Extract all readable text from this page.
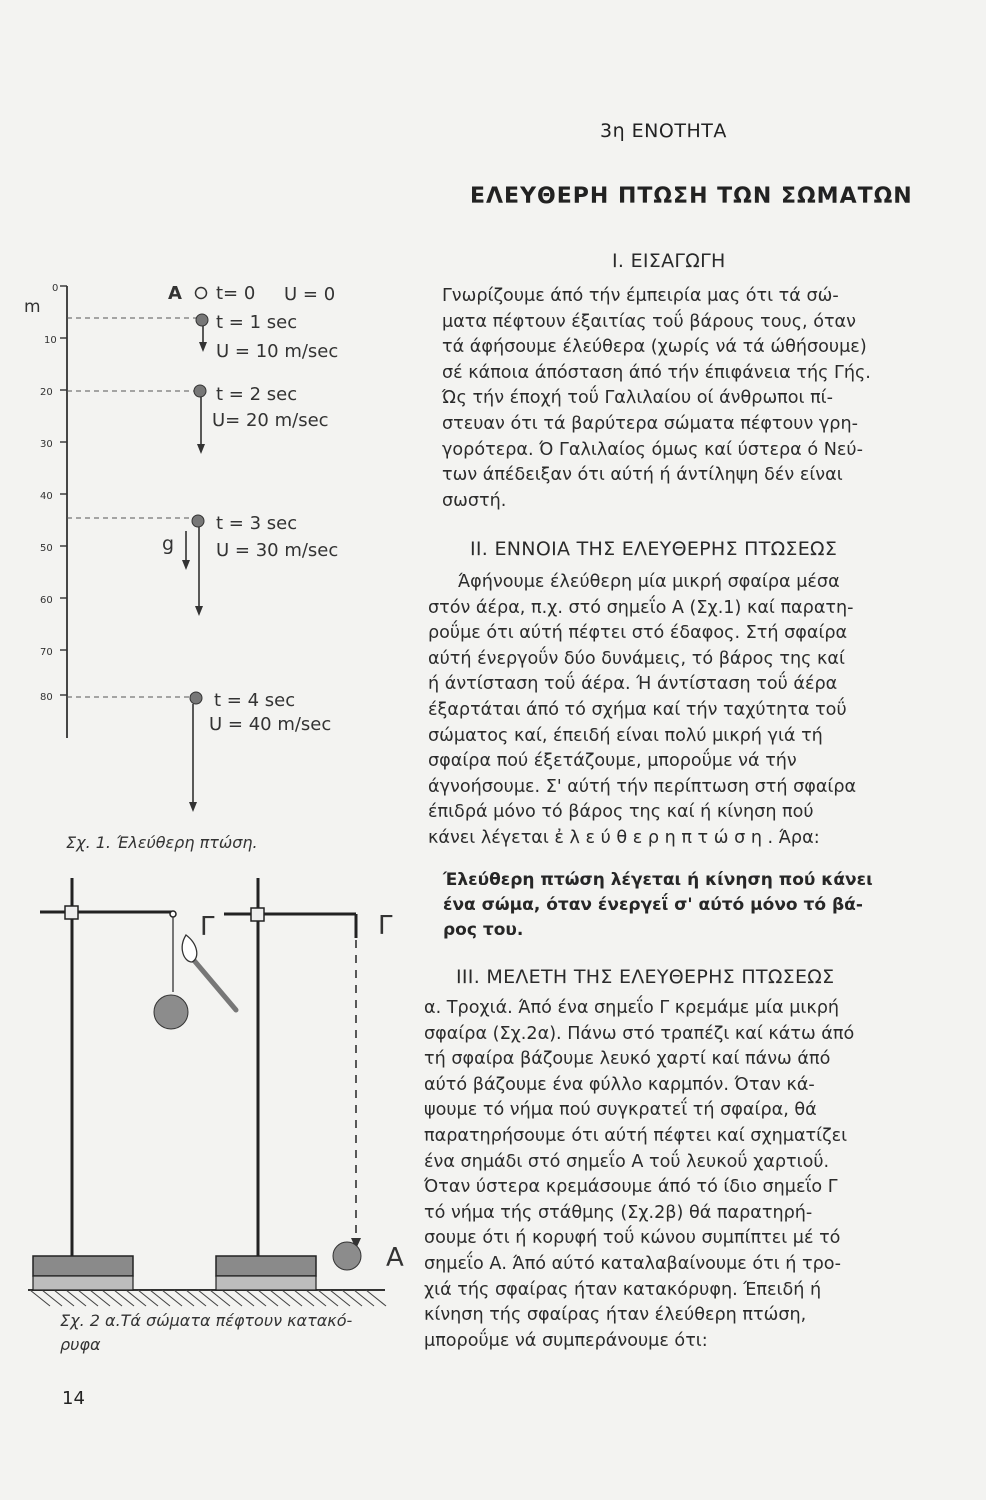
3η ΕΝΟΤΗΤΑ
ΕΛΕΥΘΕΡΗ ΠΤΩΣΗ ΤΩΝ ΣΩΜΑΤΩΝ
Ι. ΕΙΣΑΓΩΓΗ
Γνωρίζουμε άπό τήν έμπειρία μας ότι τά σώ-
ματα πέφτουν έξαιτίας τοΰ βάρους τους, όταν
τά άφήσουμε έλεύθερα (χωρίς νά τά ώθήσουμε)
σέ κάποια άπόσταση άπό τήν έπιφάνεια τής Γής.
Ώς τήν έποχή τοΰ Γαλιλαίου οί άνθρωποι πί-
στευαν ότι τά βαρύτερα σώματα πέφτουν γρη-
γορότερα. Ό Γαλιλαίος όμως καί ύστερα ό Νεύ-
των άπέδειξαν ότι αύτή ή άντίληψη δέν είναι
σωστή.
ΙΙ. ΕΝΝΟΙΑ ΤΗΣ ΕΛΕΥΘΕΡΗΣ ΠΤΩΣΕΩΣ
Άφήνουμε έλεύθερη μία μικρή σφαίρα μέσα
στόν άέρα, π.χ. στό σημεΐο Α (Σχ.1) καί παρατη-
ροΰμε ότι αύτή πέφτει στό έδαφος. Στή σφαίρα
αύτή ένεργοΰν δύο δυνάμεις, τό βάρος της καί
ή άντίσταση τοΰ άέρα. Ή άντίσταση τοΰ άέρα
έξαρτάται άπό τό σχήμα καί τήν ταχύτητα τοΰ
σώματος καί, έπειδή είναι πολύ μικρή γιά τή
σφαίρα πού έξετάζουμε, μποροΰμε νά τήν
άγνοήσουμε. Σ' αύτή τήν περίπτωση στή σφαίρα
έπιδρά μόνο τό βάρος της καί ή κίνηση πού
κάνει λέγεται ἐ λ ε ύ θ ε ρ η π τ ώ σ η . Άρα:
Έλεύθερη πτώση λέγεται ή κίνηση πού κάνει
ένα σώμα, όταν ένεργεΐ σ' αύτό μόνο τό βά-
ρος του.
ΙΙΙ. ΜΕΛΕΤΗ ΤΗΣ ΕΛΕΥΘΕΡΗΣ ΠΤΩΣΕΩΣ
α. Τροχιά. Άπό ένα σημεΐο Γ κρεμάμε μία μικρή
σφαίρα (Σχ.2α). Πάνω στό τραπέζι καί κάτω άπό
τή σφαίρα βάζουμε λευκό χαρτί καί πάνω άπό
αύτό βάζουμε ένα φύλλο καρμπόν. Όταν κά-
ψουμε τό νήμα πού συγκρατεΐ τή σφαίρα, θά
παρατηρήσουμε ότι αύτή πέφτει καί σχηματίζει
ένα σημάδι στό σημεΐο Α τοΰ λευκοΰ χαρτιοΰ.
Όταν ύστερα κρεμάσουμε άπό τό ίδιο σημεΐο Γ
τό νήμα τής στάθμης (Σχ.2β) θά παρατηρή-
σουμε ότι ή κορυφή τοΰ κώνου συμπίπτει μέ τό
σημεΐο Α. Άπό αύτό καταλαβαίνουμε ότι ή τρο-
χιά τής σφαίρας ήταν κατακόρυφη. Έπειδή ή
κίνηση τής σφαίρας ήταν έλεύθερη πτώση,
μποροΰμε νά συμπεράνουμε ότι:
m
0
10
20
30
40
50
60
70
80
Α t= 0 U = 0
t = 1 sec
U = 10 m/sec
t = 2 sec
U= 20 m/sec
t = 3 sec
U = 30 m/sec
g
t = 4 sec
U = 40 m/sec
Σχ. 1. Έλεύθερη πτώση.
Γ	Γ
Α
Σχ. 2 α.Τά σώματα πέφτουν κατακό-
ρυφα
14
